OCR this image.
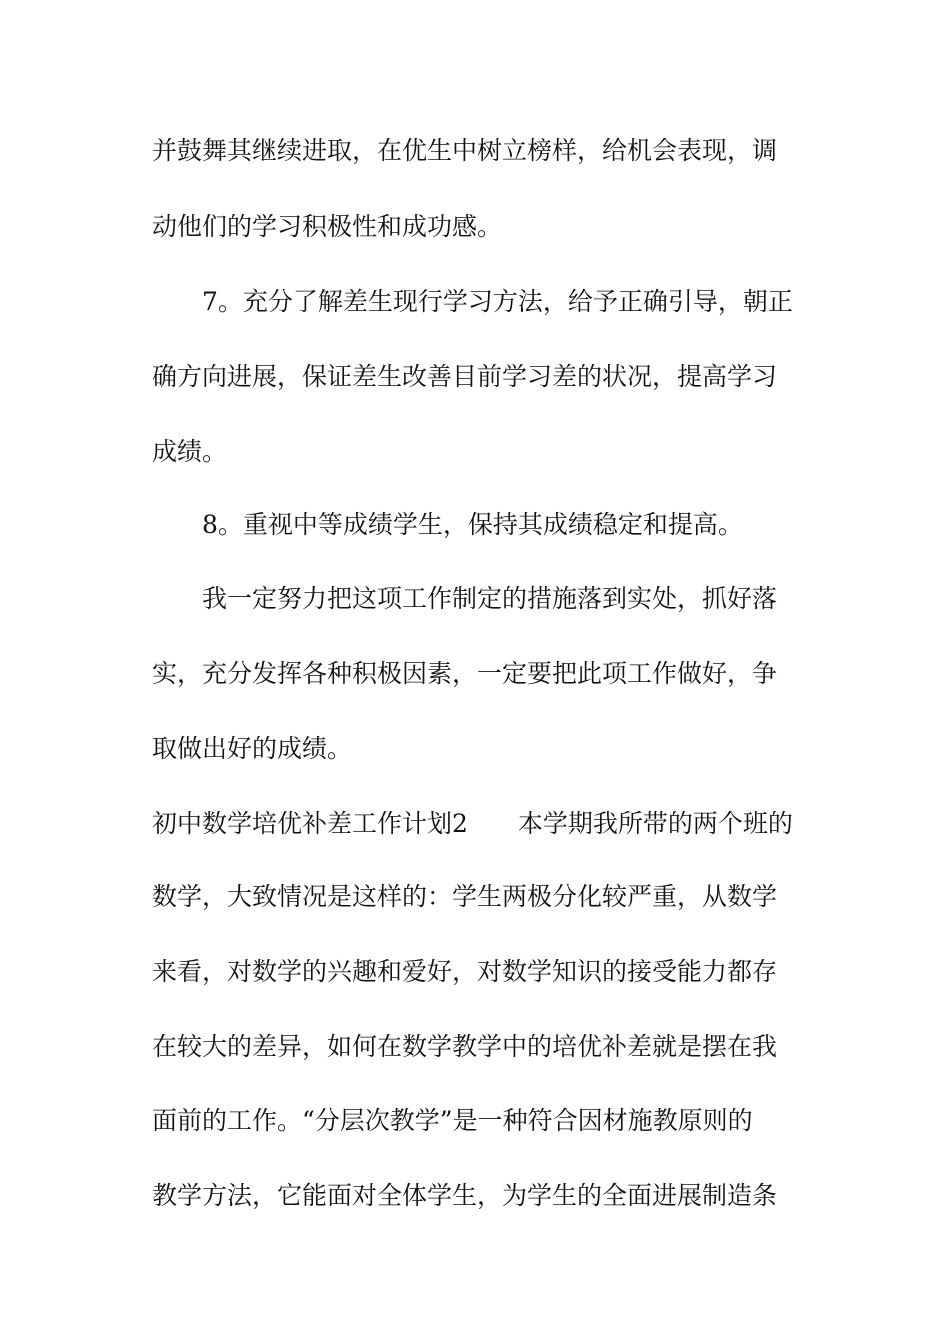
并鼓舞其继续进取，在优生中树立榜样，给机会表现，调
动他们的学习积极性和成功感。
7。充分了解差生现行学习方法，给予正确引导，朝正
确方向进展，保证差生改善目前学习差的状况，提高学习
成绩。
8。重视中等成绩学生，保持其成绩稳定和提高。
我一定努力把这项工作制定的措施落到实处，抓好落
实，充分发挥各种积极因素，一定要把此项工作做好，争
取做出好的成绩。
初中数学培优补差工作计划2　　本学期我所带的两个班的
数学，大致情况是这样的：学生两极分化较严重，从数学
来看，对数学的兴趣和爱好，对数学知识的接受能力都存
在较大的差异，如何在数学教学中的培优补差就是摆在我
面前的工作。“分层次教学”是一种符合因材施教原则的
教学方法，它能面对全体学生，为学生的全面进展制造条
